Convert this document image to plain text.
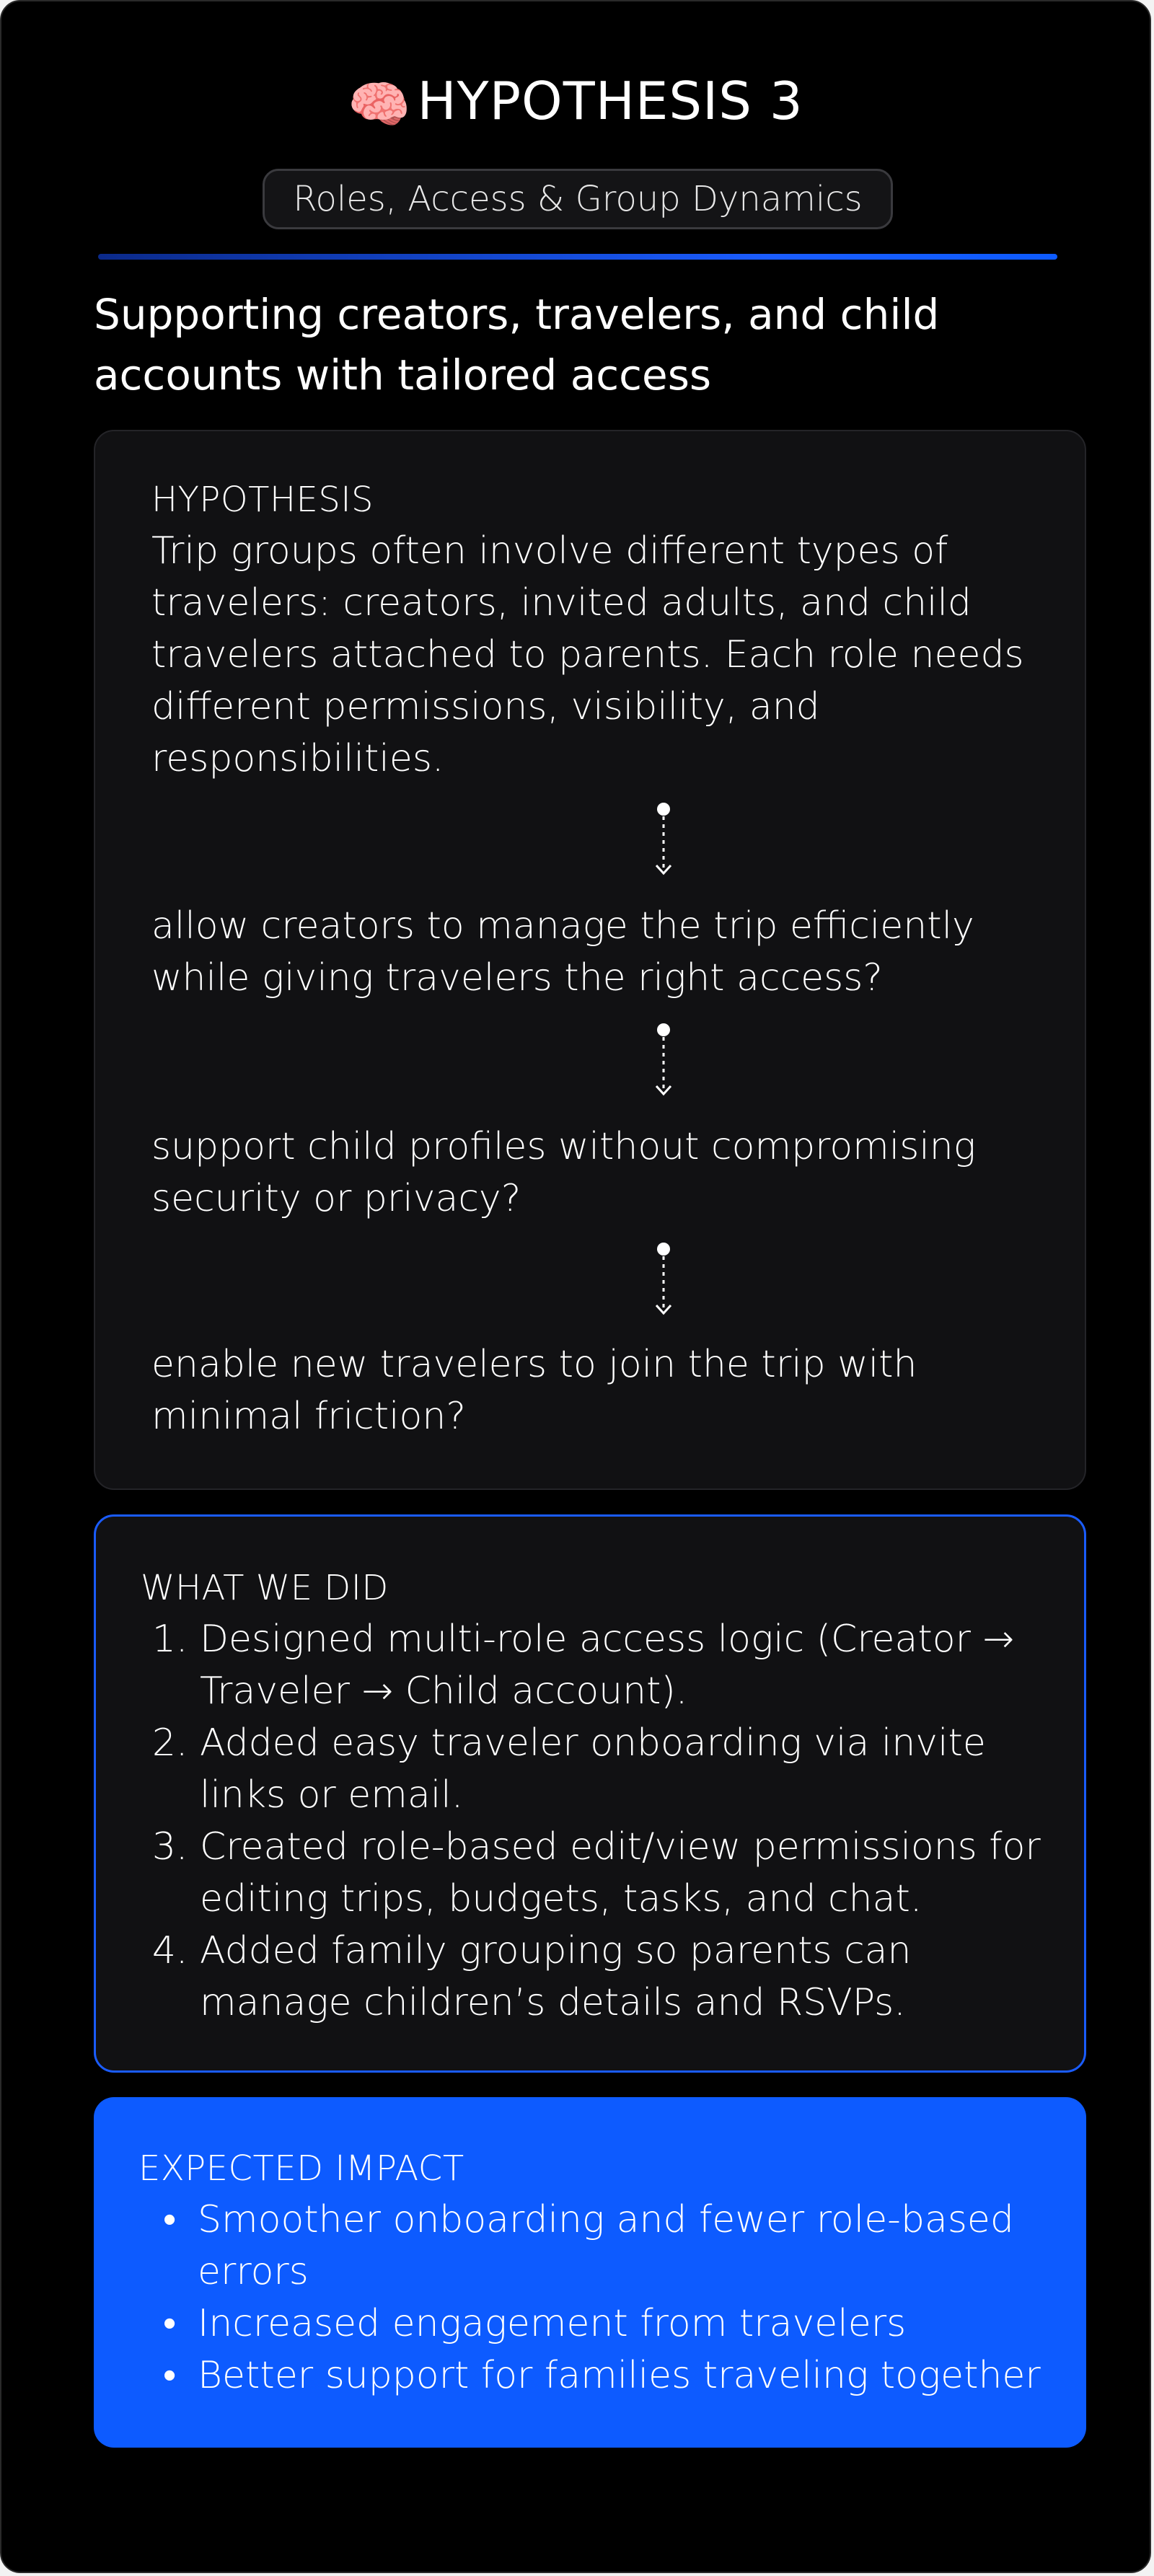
🧠 HYPOTHESIS 3
Roles, Access & Group Dynamics
Supporting creators, travelers, and child accounts with tailored access
HYPOTHESIS
Trip groups often involve different types of travelers: creators, invited adults, and child travelers attached to parents. Each role needs different permissions, visibility, and responsibilities.
allow creators to manage the trip efficiently while giving travelers the right access?
support child profiles without compromising security or privacy?
enable new travelers to join the trip with minimal friction?
WHAT WE DID
1. Designed multi-role access logic (Creator → Traveler → Child account).
2. Added easy traveler onboarding via invite links or email.
3. Created role-based edit/view permissions for editing trips, budgets, tasks, and chat.
4. Added family grouping so parents can manage children’s details and RSVPs.
EXPECTED IMPACT
• Smoother onboarding and fewer role-based errors
• Increased engagement from travelers
• Better support for families traveling together
